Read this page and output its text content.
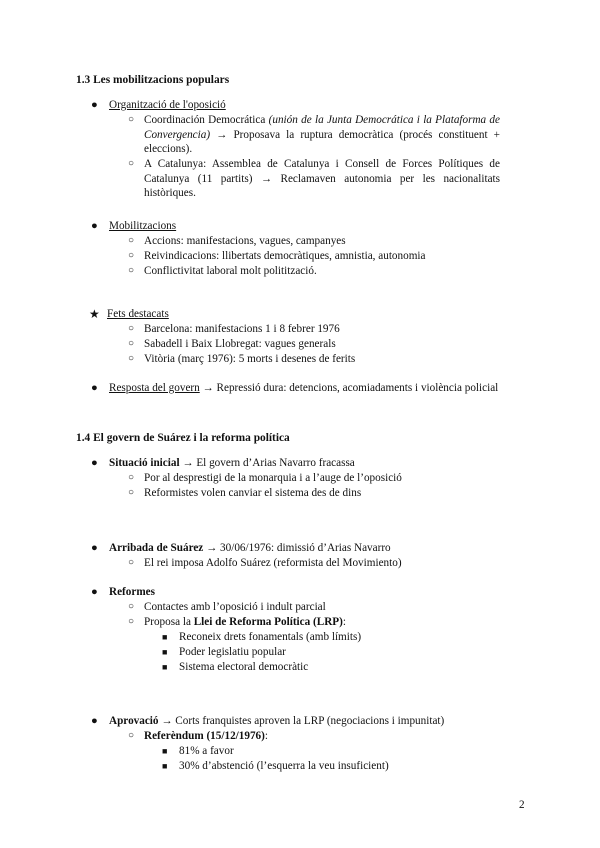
1.3 Les mobilitzacions populars
●	Organització de l'oposició
○ Coordinación Democrática (unión de la Junta Democrática i la Plataforma de Convergencia) → Proposava la ruptura democràtica (procés constituent + eleccions).
○ A Catalunya: Assemblea de Catalunya i Consell de Forces Polítiques de Catalunya (11 partits) → Reclamaven autonomia per les nacionalitats històriques.
●	Mobilitzacions
○ Accions: manifestacions, vagues, campanyes
○ Reivindicacions: llibertats democràtiques, amnistia, autonomia
○ Conflictivitat laboral molt politització.
★ Fets destacats
○ Barcelona: manifestacions 1 i 8 febrer 1976
○ Sabadell i Baix Llobregat: vagues generals
○ Vitòria (març 1976): 5 morts i desenes de ferits
●	Resposta del govern → Repressió dura: detencions, acomiadaments i violència policial
1.4 El govern de Suárez i la reforma política
●	Situació inicial → El govern d’Arias Navarro fracassa
○ Por al desprestigi de la monarquia i a l’auge de l’oposició
○ Reformistes volen canviar el sistema des de dins
●	Arribada de Suárez → 30/06/1976: dimissió d’Arias Navarro
○ El rei imposa Adolfo Suárez (reformista del Movimiento)
●	Reformes
○ Contactes amb l’oposició i indult parcial
○ Proposa la Llei de Reforma Política (LRP):
■ Reconeix drets fonamentals (amb límits)
■ Poder legislatiu popular
■ Sistema electoral democràtic
●	Aprovació → Corts franquistes aproven la LRP (negociacions i impunitat)
○ Referèndum (15/12/1976):
■ 81% a favor
■ 30% d’abstenció (l’esquerra la veu insuficient)
2
